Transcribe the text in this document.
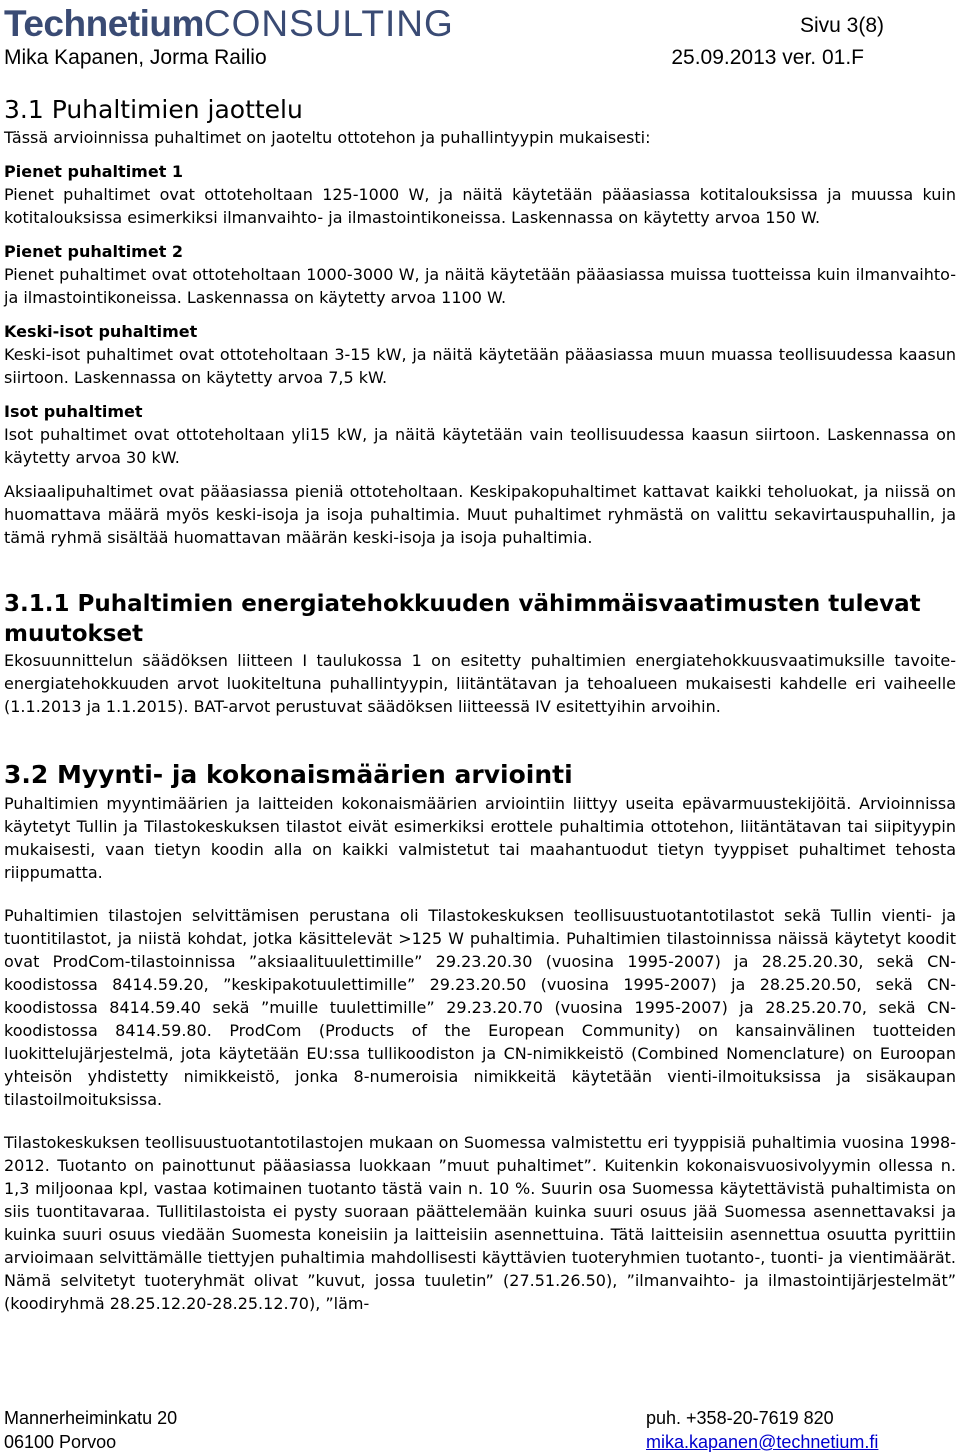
TechnetiumCONSULTING	Sivu 3(8)
Mika Kapanen, Jorma Railio	25.09.2013 ver. 01.F
3.1 Puhaltimien jaottelu

Tässä arvioinnissa puhaltimet on jaoteltu ottotehon ja puhallintyypin mukaisesti:

Pienet puhaltimet 1

Pienet puhaltimet ovat ottoteholtaan 125-1000 W, ja näitä käytetään pääasiassa kotitalouksissa ja muussa kuin kotitalouksissa esimerkiksi ilmanvaihto- ja ilmastointikoneissa. Laskennassa on käytetty arvoa 150 W.

Pienet puhaltimet 2

Pienet puhaltimet ovat ottoteholtaan 1000-3000 W, ja näitä käytetään pääasiassa muissa tuotteissa kuin ilmanvaihto- ja ilmastointikoneissa. Laskennassa on käytetty arvoa 1100 W.

Keski-isot puhaltimet

Keski-isot puhaltimet ovat ottoteholtaan 3-15 kW, ja näitä käytetään pääasiassa muun muassa teollisuudessa kaasun siirtoon. Laskennassa on käytetty arvoa 7,5 kW.

Isot puhaltimet

Isot puhaltimet ovat ottoteholtaan yli15 kW, ja näitä käytetään vain teollisuudessa kaasun siirtoon. Laskennassa on käytetty arvoa 30 kW.

Aksiaalipuhaltimet ovat pääasiassa pieniä ottoteholtaan. Keskipakopuhaltimet kattavat kaikki teholuokat, ja niissä on huomattava määrä myös keski-isoja ja isoja puhaltimia. Muut puhaltimet ryhmästä on valittu sekavirtauspuhallin, ja tämä ryhmä sisältää huomattavan määrän keski-isoja ja isoja puhaltimia.

3.1.1 Puhaltimien energiatehokkuuden vähimmäisvaatimusten tulevat muutokset

Ekosuunnittelun säädöksen liitteen I taulukossa 1 on esitetty puhaltimien energiatehokkuusvaatimuksille tavoite-energiatehokkuuden arvot luokiteltuna puhallintyypin, liitäntätavan ja tehoalueen mukaisesti kahdelle eri vaiheelle (1.1.2013 ja 1.1.2015). BAT-arvot perustuvat säädöksen liitteessä IV esitettyihin arvoihin.

3.2 Myynti- ja kokonaismäärien arviointi

Puhaltimien myyntimäärien ja laitteiden kokonaismäärien arviointiin liittyy useita epävarmuustekijöitä. Arvioinnissa käytetyt Tullin ja Tilastokeskuksen tilastot eivät esimerkiksi erottele puhaltimia ottotehon, liitäntätavan tai siipityypin mukaisesti, vaan tietyn koodin alla on kaikki valmistetut tai maahantuodut tietyn tyyppiset puhaltimet tehosta riippumatta.

Puhaltimien tilastojen selvittämisen perustana oli Tilastokeskuksen teollisuustuotantotilastot sekä Tullin vienti- ja tuontitilastot, ja niistä kohdat, jotka käsittelevät >125 W puhaltimia. Puhaltimien tilastoinnissa näissä käytetyt koodit ovat ProdCom-tilastoinnissa ”aksiaalituulettimille” 29.23.20.30 (vuosina 1995-2007) ja 28.25.20.30, sekä CN-koodistossa 8414.59.20, ”keskipakotuulettimille” 29.23.20.50 (vuosina 1995-2007) ja 28.25.20.50, sekä CN-koodistossa 8414.59.40 sekä ”muille tuulettimille” 29.23.20.70 (vuosina 1995-2007) ja 28.25.20.70, sekä CN-koodistossa 8414.59.80. ProdCom (Products of the European Community) on kansainvälinen tuotteiden luokittelujärjestelmä, jota käytetään EU:ssa tullikoodiston ja CN-nimikkeistö (Combined Nomenclature) on Euroopan yhteisön yhdistetty nimikkeistö, jonka 8-numeroisia nimikkeitä käytetään vienti-ilmoituksissa ja sisäkaupan tilastoilmoituksissa.

Tilastokeskuksen teollisuustuotantotilastojen mukaan on Suomessa valmistettu eri tyyppisiä puhaltimia vuosina 1998-2012. Tuotanto on painottunut pääasiassa luokkaan ”muut puhaltimet”. Kuitenkin kokonaisvuosivolyymin ollessa n. 1,3 miljoonaa kpl, vastaa kotimainen tuotanto tästä vain n. 10 %. Suurin osa Suomessa käytettävistä puhaltimista on siis tuontitavaraa. Tullitilastoista ei pysty suoraan päättelemään kuinka suuri osuus jää Suomessa asennettavaksi ja kuinka suuri osuus viedään Suomesta koneisiin ja laitteisiin asennettuina. Tätä laitteisiin asennettua osuutta pyrittiin arvioimaan selvittämälle tiettyjen puhaltimia mahdollisesti käyttävien tuoteryhmien tuotanto-, tuonti- ja vientimäärät. Nämä selvitetyt tuoteryhmät olivat ”kuvut, jossa tuuletin” (27.51.26.50), ”ilmanvaihto- ja ilmastointijärjestelmät” (koodiryhmä 28.25.12.20-28.25.12.70), ”läm-

Mannerheiminkatu 20
06100 Porvoo
puh. +358-20-7619 820
mika.kapanen@technetium.fi
